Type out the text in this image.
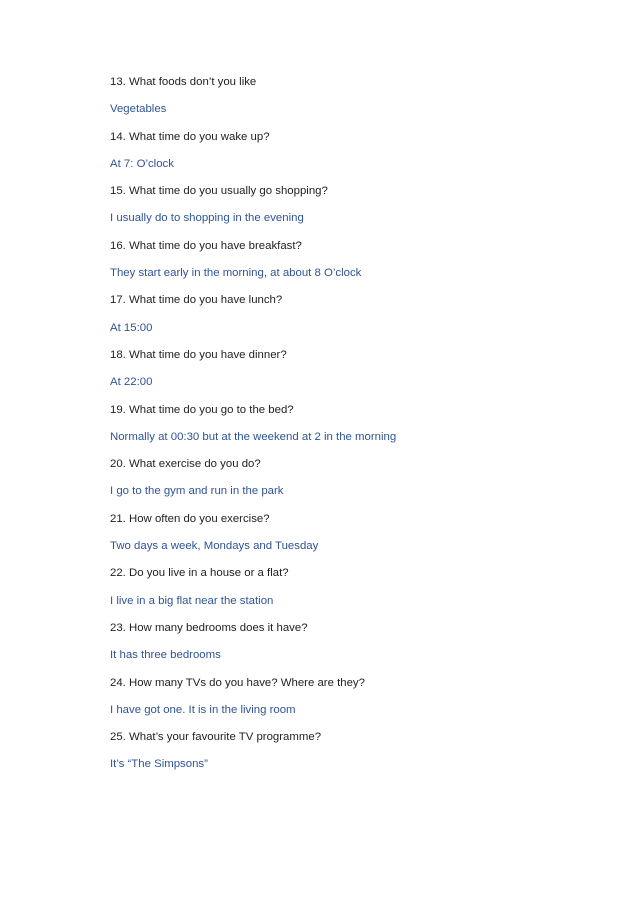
13. What foods don’t you like
Vegetables
14. What time do you wake up?
At 7: O’clock
15. What time do you usually go shopping?
I usually do to shopping in the evening
16. What time do you have breakfast?
They start early in the morning, at about 8 O’clock
17. What time do you have lunch?
At 15:00
18. What time do you have dinner?
At 22:00
19. What time do you go to the bed?
Normally at 00:30 but at the weekend at 2 in the morning
20. What exercise do you do?
I go to the gym and run in the park
21. How often do you exercise?
Two days a week, Mondays and Tuesday
22. Do you live in a house or a flat?
I live in a big flat near the station
23. How many bedrooms does it have?
It has three bedrooms
24. How many TVs do you have? Where are they?
I have got one. It is in the living room
25. What’s your favourite TV programme?
It’s “The Simpsons”
